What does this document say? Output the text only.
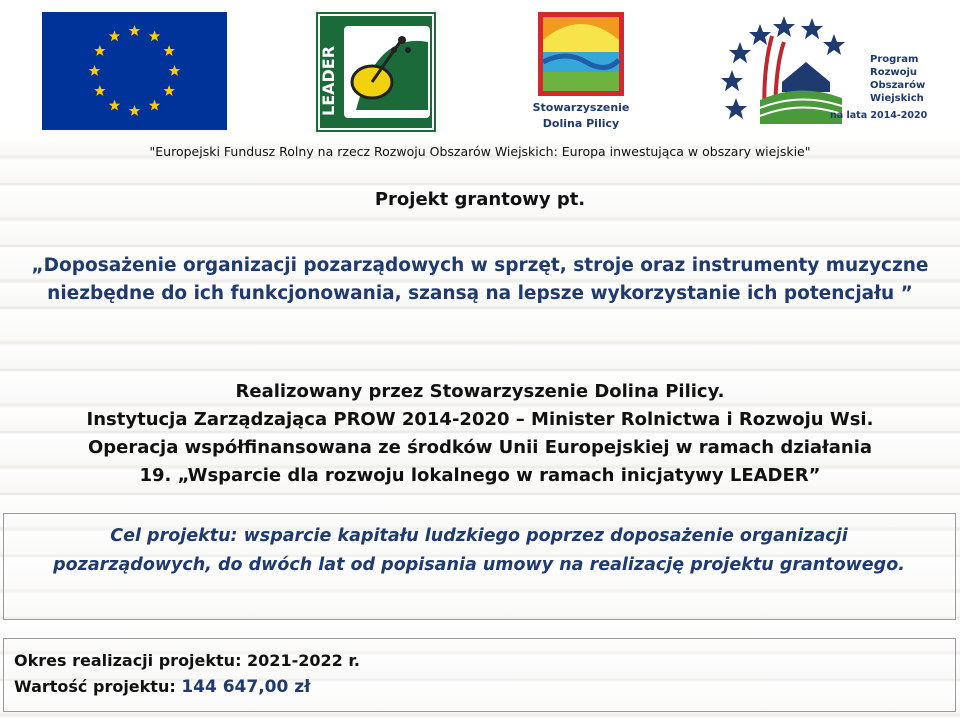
LEADER	Stowarzyszenie
Dolina Pilicy
Program
Rozwoju
Obszarów
Wiejskich
na lata 2014-2020
"Europejski Fundusz Rolny na rzecz Rozwoju Obszarów Wiejskich: Europa inwestująca w obszary wiejskie"
Projekt grantowy pt.
„Doposażenie organizacji pozarządowych w sprzęt, stroje oraz instrumenty muzyczne niezbędne do ich funkcjonowania, szansą na lepsze wykorzystanie ich potencjału ”
Realizowany przez Stowarzyszenie Dolina Pilicy.
Instytucja Zarządzająca PROW 2014-2020 – Minister Rolnictwa i Rozwoju Wsi.
Operacja współfinansowana ze środków Unii Europejskiej w ramach działania
19. „Wsparcie dla rozwoju lokalnego w ramach inicjatywy LEADER”
Cel projektu: wsparcie kapitału ludzkiego poprzez doposażenie organizacji pozarządowych, do dwóch lat od popisania umowy na realizację projektu grantowego.
Okres realizacji projektu: 2021-2022 r.
Wartość projektu: 144 647,00 zł
